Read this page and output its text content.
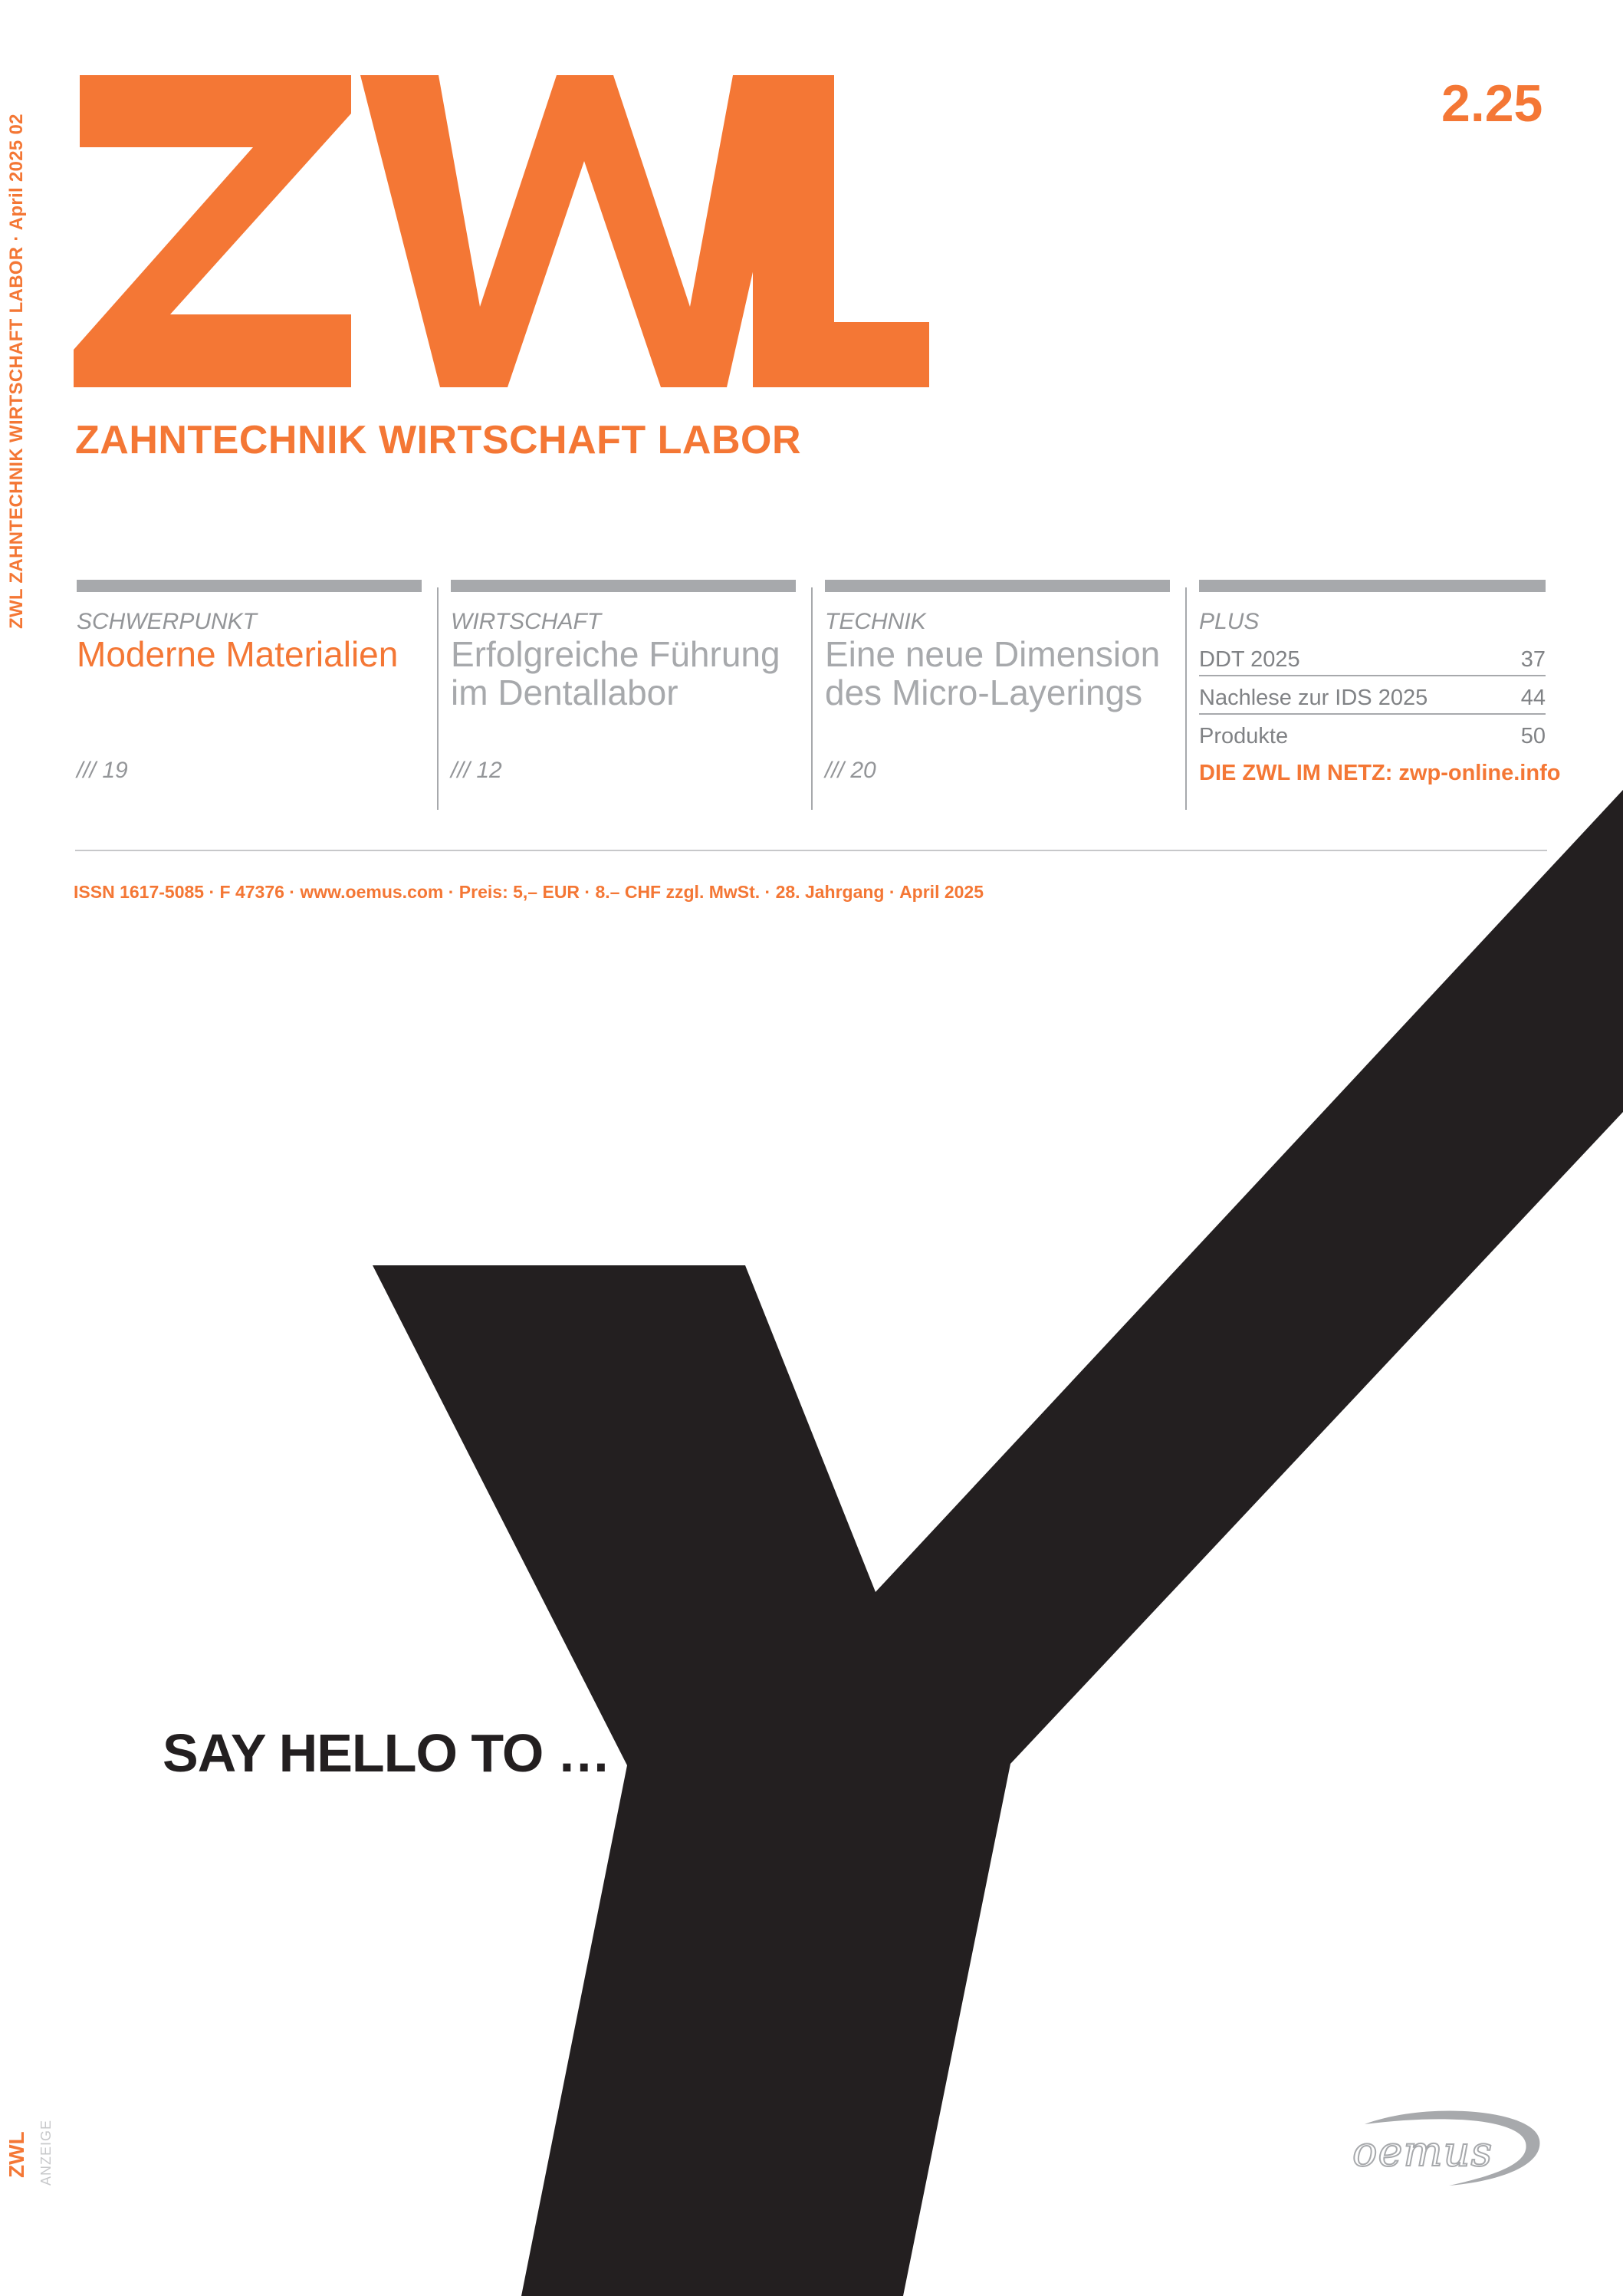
ZWL ZAHNTECHNIK WIRTSCHAFT LABOR · April 2025 02
ZWL ANZEIGE
2.25
ZAHNTECHNIK WIRTSCHAFT LABOR
SCHWERPUNKT
Moderne Materialien
/// 19
WIRTSCHAFT
Erfolgreiche Führung
im Dentallabor
/// 12
TECHNIK
Eine neue Dimension
des Micro-Layerings
/// 20
PLUS
DDT 2025	37
Nachlese zur IDS 2025	44
Produkte	50
DIE ZWL IM NETZ: zwp-online.info
ISSN 1617-5085 · F 47376 · www.oemus.com · Preis: 5,– EUR · 8.– CHF zzgl. MwSt. · 28. Jahrgang · April 2025
SAY HELLO TO …
oemus
